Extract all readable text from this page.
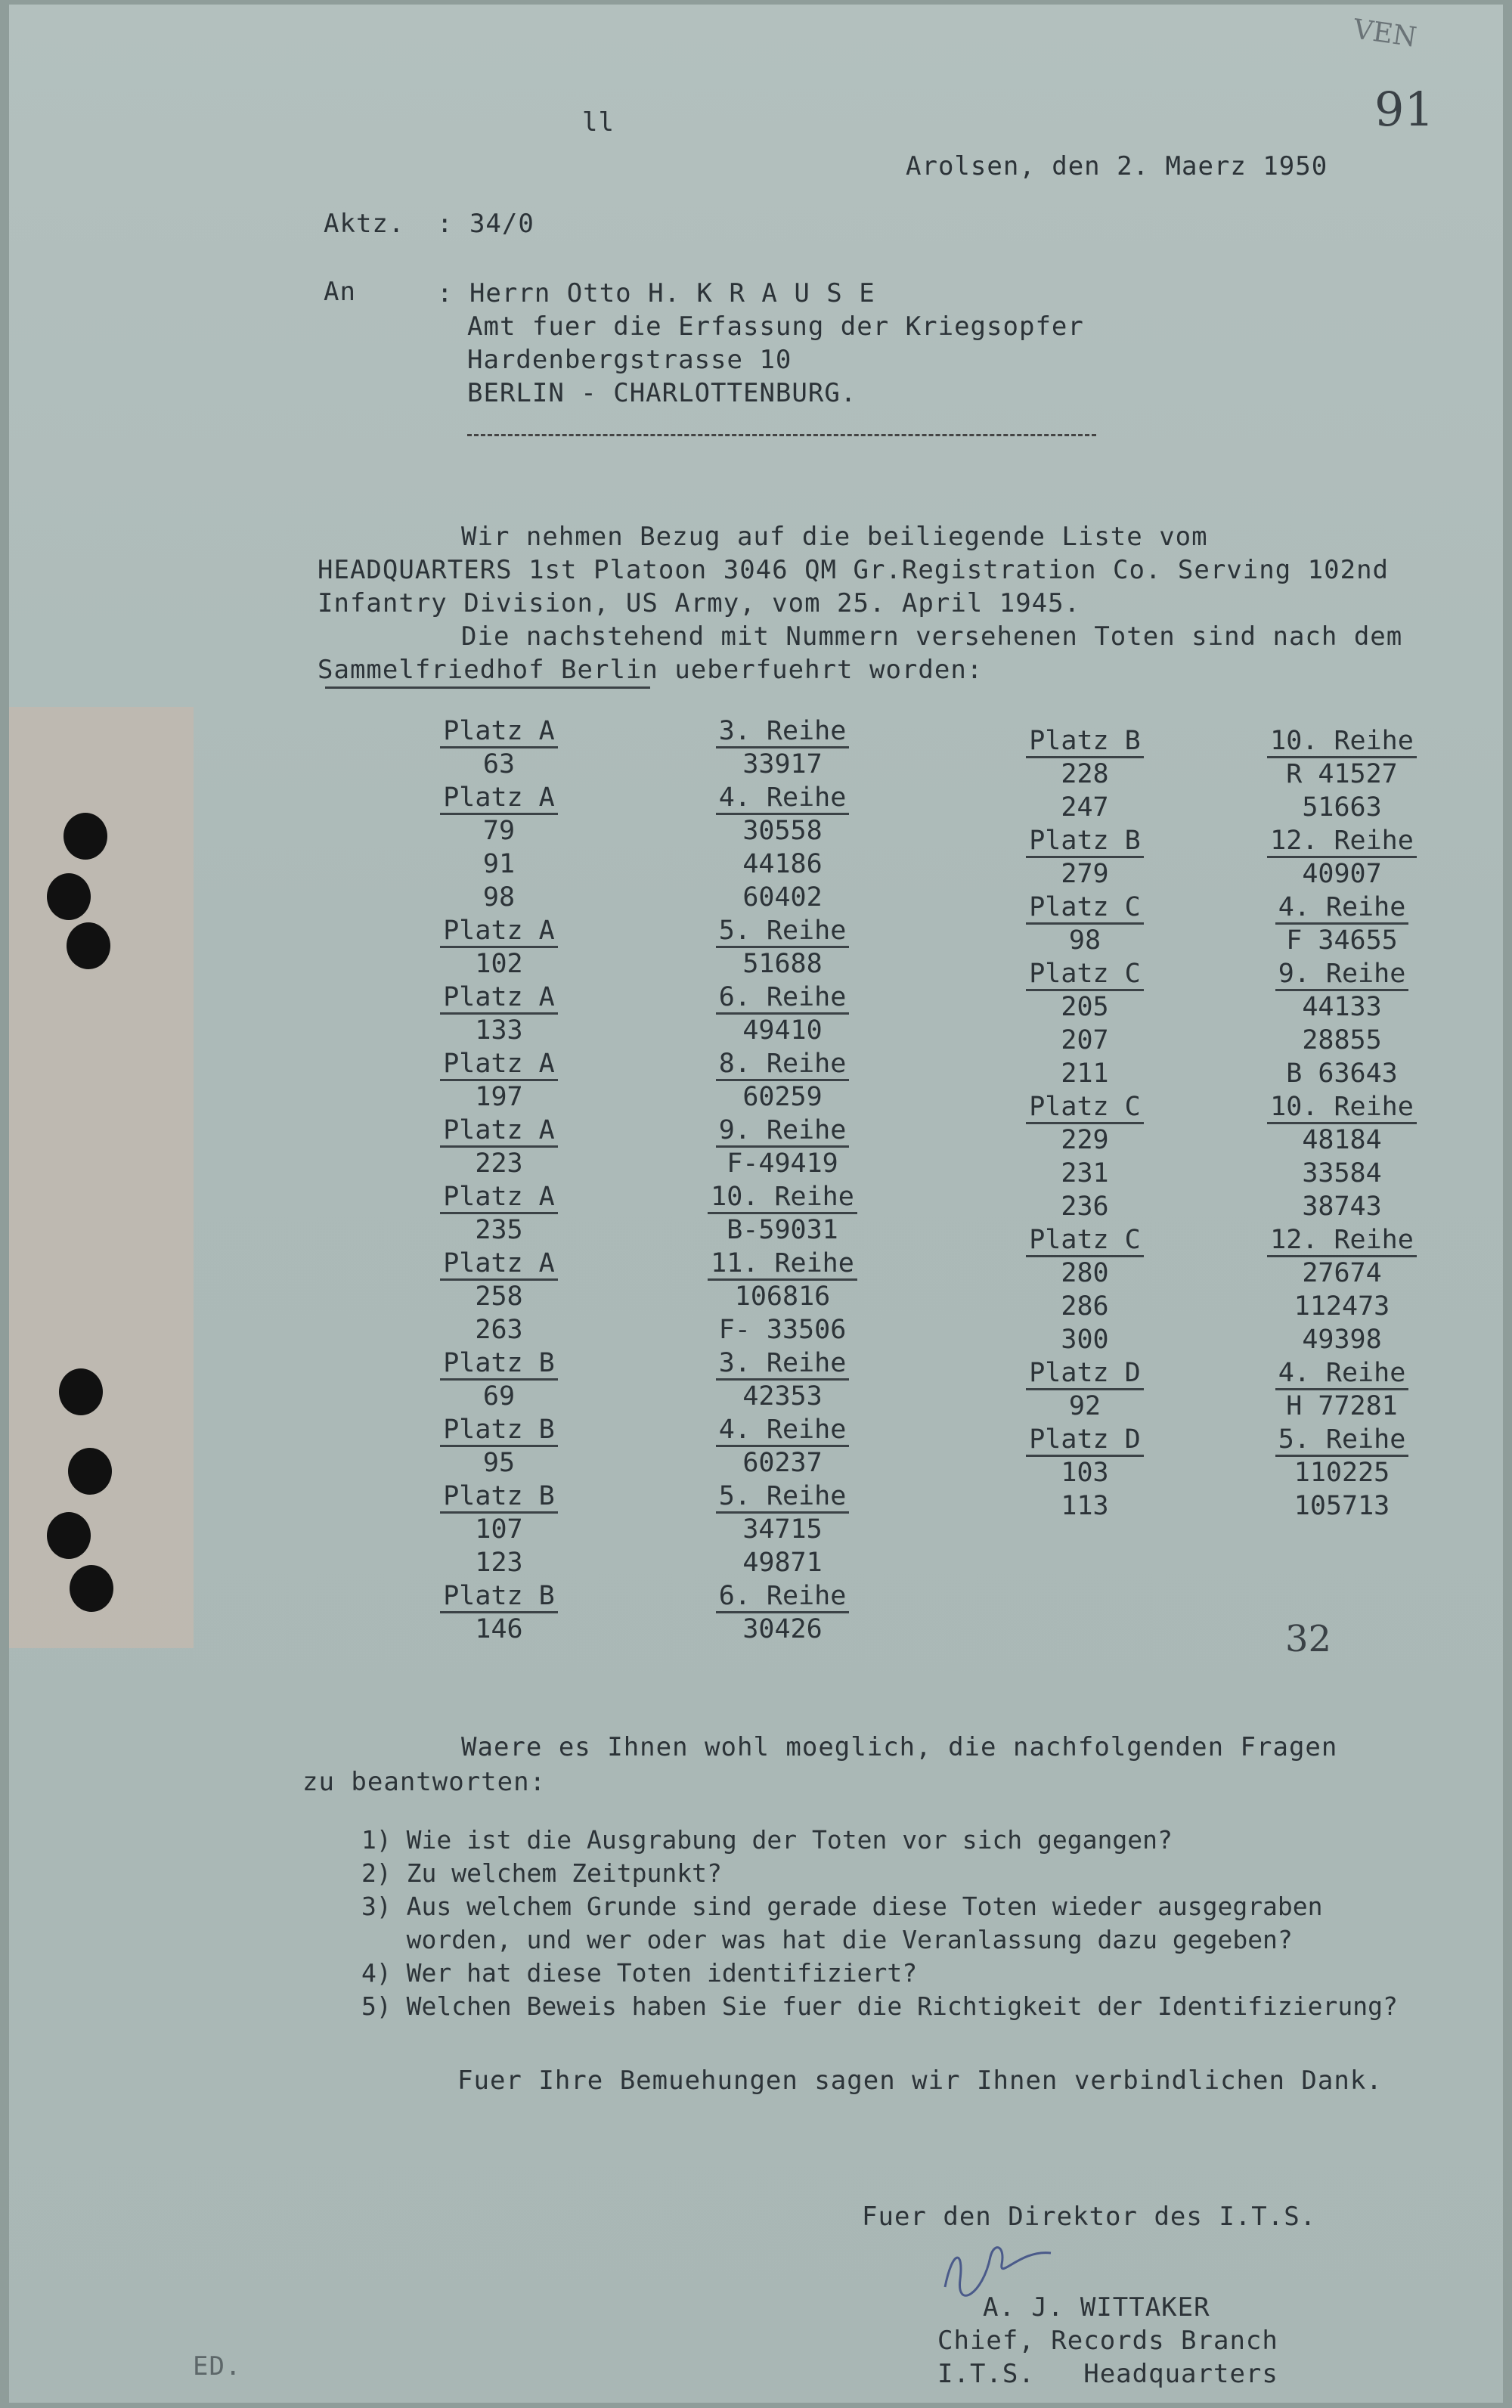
VEN
91
ll
Arolsen, den 2. Maerz 1950
Aktz. : 34/0
An	: Herrn Otto H. K R A U S E
Amt fuer die Erfassung der Kriegsopfer
Hardenbergstrasse 10
BERLIN - CHARLOTTENBURG.
Wir nehmen Bezug auf die beiliegende Liste vom
HEADQUARTERS 1st Platoon 3046 QM Gr.Registration Co. Serving 102nd
Infantry Division, US Army, vom 25. April 1945.
Die nachstehend mit Nummern versehenen Toten sind nach dem
Sammelfriedhof Berlin ueberfuehrt worden:
Platz A
63
Platz A
79
91
98
Platz A
102
Platz A
133
Platz A
197
Platz A
223
Platz A
235
Platz A
258
263
Platz B
69
Platz B
95
Platz B
107
123
Platz B
146
3. Reihe
33917
4. Reihe
30558
44186
60402
5. Reihe
51688
6. Reihe
49410
8. Reihe
60259
9. Reihe
F-49419
10. Reihe
B-59031
11. Reihe
106816
F- 33506
3. Reihe
42353
4. Reihe
60237
5. Reihe
34715
49871
6. Reihe
30426
Platz B
228
247
Platz B
279
Platz C
98
Platz C
205
207
211
Platz C
229
231
236
Platz C
280
286
300
Platz D
92
Platz D
103
113
10. Reihe
R 41527
51663
12. Reihe
40907
4. Reihe
F 34655
9. Reihe
44133
28855
B 63643
10. Reihe
48184
33584
38743
12. Reihe
27674
112473
49398
4. Reihe
H 77281
5. Reihe
110225
105713
32
Waere es Ihnen wohl moeglich, die nachfolgenden Fragen
zu beantworten:
1) Wie ist die Ausgrabung der Toten vor sich gegangen?
2) Zu welchem Zeitpunkt?
3) Aus welchem Grunde sind gerade diese Toten wieder ausgegraben
worden, und wer oder was hat die Veranlassung dazu gegeben?
4) Wer hat diese Toten identifiziert?
5) Welchen Beweis haben Sie fuer die Richtigkeit der Identifizierung?
Fuer Ihre Bemuehungen sagen wir Ihnen verbindlichen Dank.
Fuer den Direktor des I.T.S.
A. J. WITTAKER
Chief, Records Branch
I.T.S.   Headquarters
ED.
